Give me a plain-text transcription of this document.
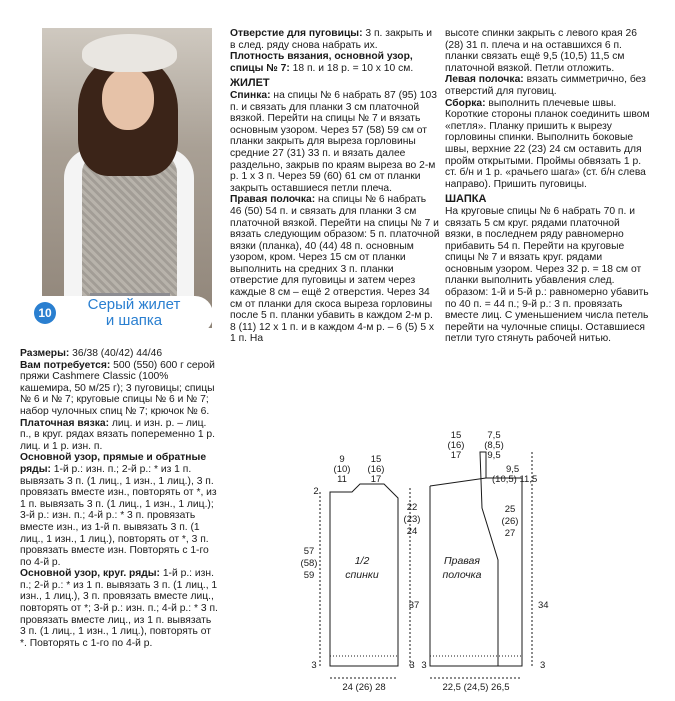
10	Серый жилет
и шапка

Размеры: 36/38 (40/42) 44/46

Вам потребуется: 500 (550) 600 г серой пряжи Cashmere Classic (100% кашемира, 50 м/25 г); 3 пуговицы; спицы № 6 и № 7; круговые спицы № 6 и № 7; набор чулочных спиц № 7; крючок № 6.

Платочная вязка: лиц. и изн. р. – лиц. п., в круг. рядах вязать попеременно 1 р. лиц. и 1 р. изн. п.

Основной узор, прямые и обратные ряды: 1-й р.: изн. п.; 2-й р.: * из 1 п. вывязать 3 п. (1 лиц., 1 изн., 1 лиц.), 3 п. провязать вместе изн., повторять от *, из 1 п. вывязать 3 п. (1 лиц., 1 изн., 1 лиц.); 3-й р.: изн. п.; 4-й р.: * 3 п. провязать вместе изн., из 1-й п. вывязать 3 п. (1 лиц., 1 изн., 1 лиц.), повторять от *, 3 п. провязать вместе изн. Повторять с 1-го по 4-й р.

Основной узор, круг. ряды: 1-й р.: изн. п.; 2-й р.: * из 1 п. вывязать 3 п. (1 лиц., 1 изн., 1 лиц.), 3 п. провязать вместе лиц., повторять от *; 3-й р.: изн. п.; 4-й р.: * 3 п. провязать вместе лиц., из 1 п. вывязать 3 п. (1 лиц., 1 изн., 1 лиц.), повторять от *. Повторять с 1-го по 4-й р.

Отверстие для пуговицы: 3 п. закрыть и в след. ряду снова набрать их.

Плотность вязания, основной узор, спицы № 7: 18 п. и 18 р. = 10 х 10 см.

ЖИЛЕТ

Спинка: на спицы № 6 набрать 87 (95) 103 п. и связать для планки 3 см платочной вязкой. Перейти на спицы № 7 и вязать основным узором. Через 57 (58) 59 см от планки закрыть для выреза горловины средние 27 (31) 33 п. и вязать далее раздельно, закрыв по краям выреза во 2-м р. 1 х 3 п. Через 59 (60) 61 см от планки закрыть оставшиеся петли плеча.

Правая полочка: на спицы № 6 набрать 46 (50) 54 п. и связать для планки 3 см платочной вязкой. Перейти на спицы № 7 и вязать следующим образом: 5 п. платочной вязки (планка), 40 (44) 48 п. основным узором, кром. Через 15 см от планки выполнить на средних 3 п. планки отверстие для пуговицы и затем через каждые 8 см – ещё 2 отверстия. Через 34 см от планки для скоса выреза горловины после 5 п. планки убавить в каждом 2-м р. 8 (11) 12 х 1 п. и в каждом 4-м р. – 6 (5) 5 х 1 п. На

высоте спинки закрыть с левого края 26 (28) 31 п. плеча и на оставшихся 6 п. планки связать ещё 9,5 (10,5) 11,5 см платочной вязкой. Петли отложить.

Левая полочка: вязать симметрично, без отверстий для пуговиц.

Сборка: выполнить плечевые швы. Короткие стороны планок соединить швом «петля». Планку пришить к вырезу горловины спинки. Выполнить боковые швы, верхние 22 (23) 24 см оставить для пройм открытыми. Проймы обвязать 1 р. ст. б/н и 1 р. «рачьего шага» (ст. б/н слева направо). Пришить пуговицы.

ШАПКА

На круговые спицы № 6 набрать 70 п. и связать 5 см круг. рядами платочной вязки, в последнем ряду равномерно прибавить 54 п. Перейти на круговые спицы № 7 и вязать круг. рядами основным узором. Через 32 р. = 18 см от планки выполнить убавления след. образом: 1-й и 5-й р.: равномерно убавить по 40 п. = 44 п.; 9-й р.: 3 п. провязать вместе лиц. С уменьшением числа петель перейти на чулочные спицы. Оставшиеся петли туго стянуть рабочей нитью.

1/2
спинки
Правая
полочка
9
(10)
11
15
(16)
17
2
22
(23)
24
57
(58)
59
37
3	3
24 (26) 28
15
(16)
17
7,5
(8,5)
9,5
9,5
(10,5) 11,5
25
(26)
27
34
3
22,5 (24,5) 26,5
3
